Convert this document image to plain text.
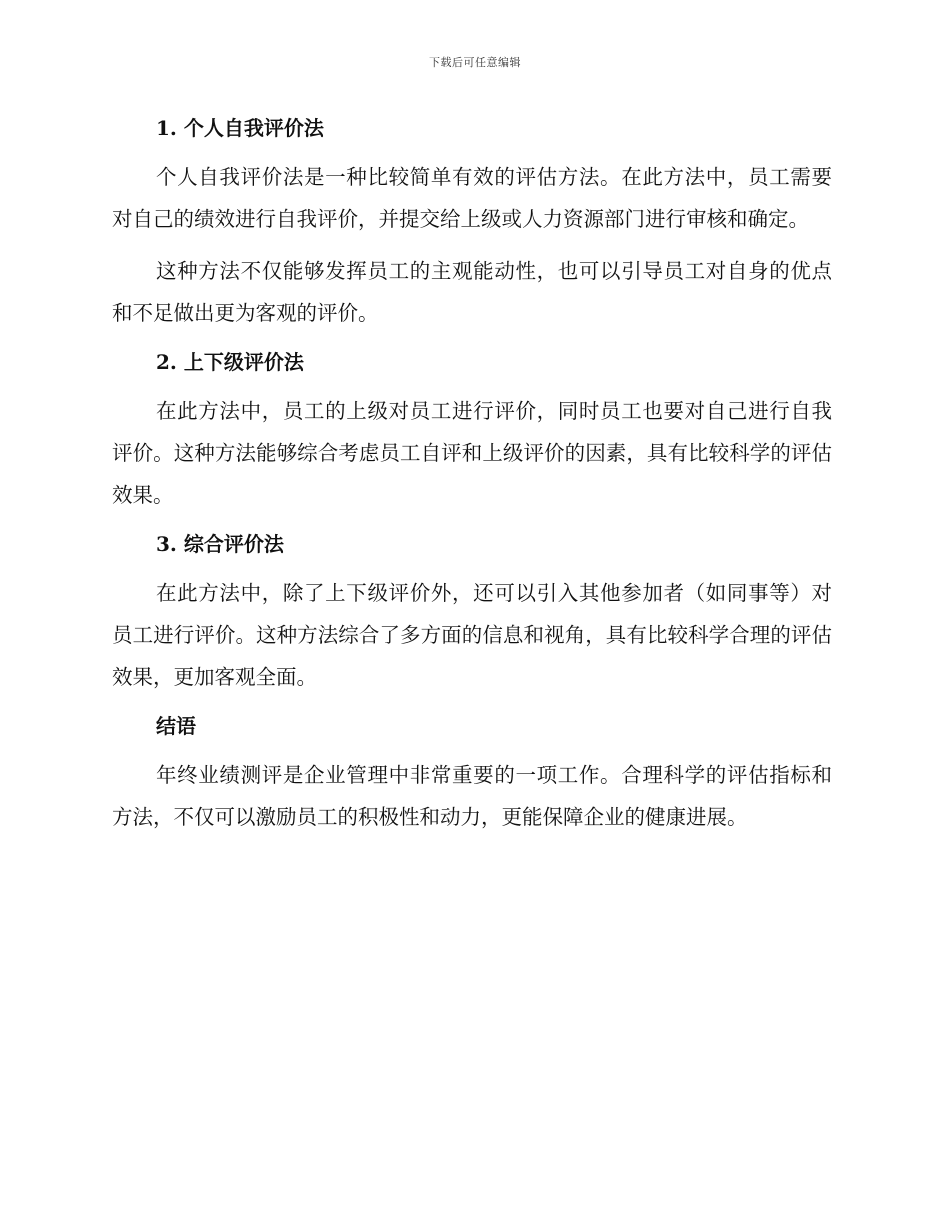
下载后可任意编辑
1. 个人自我评价法

个人自我评价法是一种比较简单有效的评估方法。在此方法中，员工需要对自己的绩效进行自我评价，并提交给上级或人力资源部门进行审核和确定。

这种方法不仅能够发挥员工的主观能动性，也可以引导员工对自身的优点和不足做出更为客观的评价。

2. 上下级评价法

在此方法中，员工的上级对员工进行评价，同时员工也要对自己进行自我评价。这种方法能够综合考虑员工自评和上级评价的因素，具有比较科学的评估效果。

3. 综合评价法

在此方法中，除了上下级评价外，还可以引入其他参加者（如同事等）对员工进行评价。这种方法综合了多方面的信息和视角，具有比较科学合理的评估效果，更加客观全面。

结语

年终业绩测评是企业管理中非常重要的一项工作。合理科学的评估指标和方法，不仅可以激励员工的积极性和动力，更能保障企业的健康进展。
